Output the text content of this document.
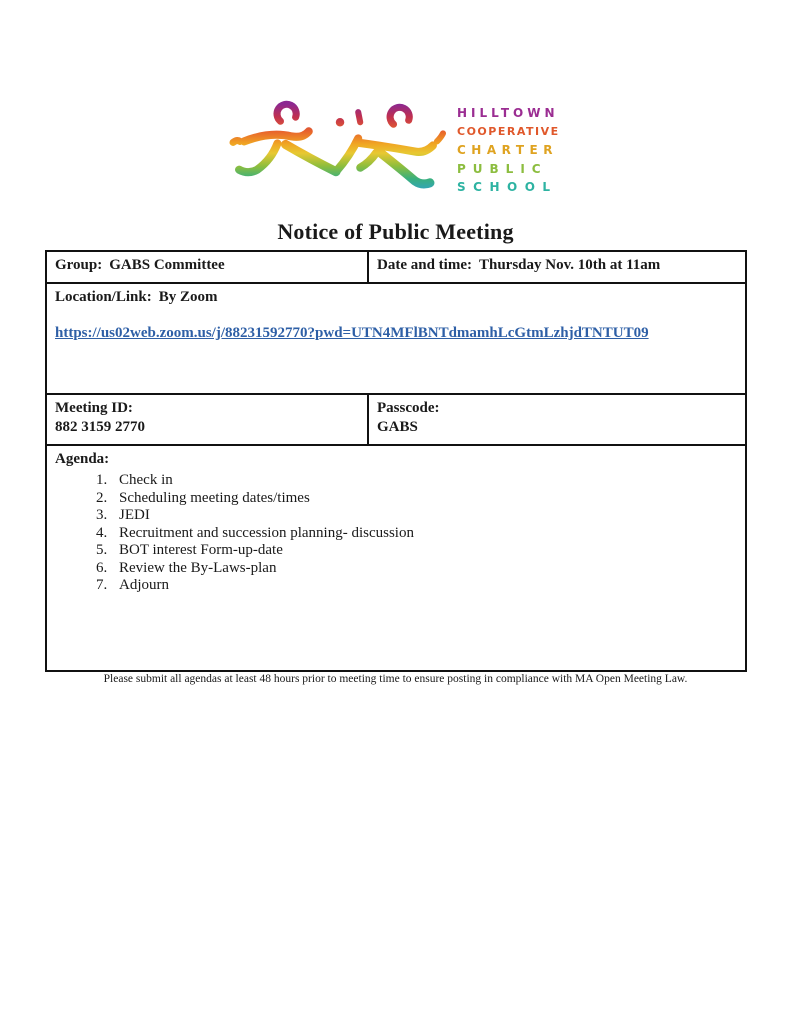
HILLTOWN
COOPERATIVE
CHARTER
PUBLIC
SCHOOL
Notice of Public Meeting
Group: GABS Committee	Date and time: Thursday Nov. 10th at 11am

Location/Link: By Zoom
https://us02web.zoom.us/j/88231592770?pwd=UTN4MFlBNTdmamhLcGtmLzhjdTNTUT09	

Meeting ID:
882 3159 2770	Passcode:
GABS

Agenda:
1. Check in
2. Scheduling meeting dates/times
3. JEDI
4. Recruitment and succession planning- discussion
5. BOT interest Form-up-date
6. Review the By-Laws-plan
7. Adjourn
Please submit all agendas at least 48 hours prior to meeting time to ensure posting in compliance with MA Open Meeting Law.
